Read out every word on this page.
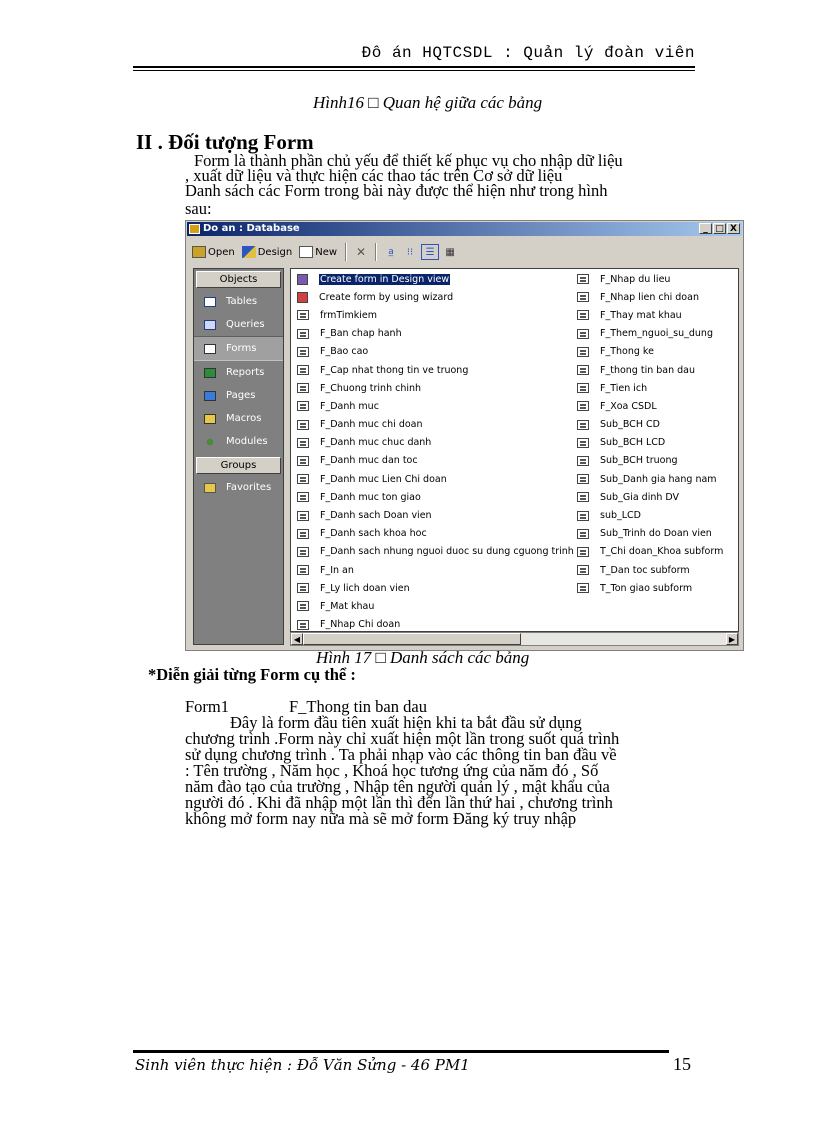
Đô án HQTCSDL : Quản lý đoàn viên
Hình16 □ Quan hệ giữa các bảng
II . Đối tượng Form
Form là thành phần chủ yếu để thiết kế phục vụ cho nhập dữ liệu
, xuất dữ liệu và thực hiện các thao tác trên Cơ sở dữ liệu
Danh sách các Form trong bài này được thể hiện như trong hình
sau:
Do an : Database	_ □ X
Open Design New ✕	a̲	⁝⁝	☰	▦
Objects
Tables
Queries
Forms
Reports
Pages
Macros
Modules
Groups
Favorites
Create form in Design view
Create form by using wizard
frmTimkiem
F_Ban chap hanh
F_Bao cao
F_Cap nhat thong tin ve truong
F_Chuong trinh chinh
F_Danh muc
F_Danh muc chi doan
F_Danh muc chuc danh
F_Danh muc dan toc
F_Danh muc Lien Chi doan
F_Danh muc ton giao
F_Danh sach Doan vien
F_Danh sach khoa hoc
F_Danh sach nhung nguoi duoc su dung cguong trinh
F_In an
F_Ly lich doan vien
F_Mat khau
F_Nhap Chi doan
F_Nhap du lieu
F_Nhap lien chi doan
F_Thay mat khau
F_Them_nguoi_su_dung
F_Thong ke
F_thong tin ban dau
F_Tien ich
F_Xoa CSDL
Sub_BCH CD
Sub_BCH LCD
Sub_BCH truong
Sub_Danh gia hang nam
Sub_Gia dinh DV
sub_LCD
Sub_Trinh do Doan vien
T_Chi doan_Khoa subform
T_Dan toc subform
T_Ton giao subform
◀	▶
Hình 17 □ Danh sách các bảng
*Diễn giải từng Form cụ thể :
Form1	F_Thong tin ban dau
Đây là form đầu tiên xuất hiện khi ta bắt đầu sử dụng
chương trình .Form này chỉ xuất hiện một lần trong suốt quá trình
sử dụng chương trình . Ta phải nhạp vào các thông tin ban đầu về
: Tên trường , Năm học , Khoá học tương ứng của năm đó , Số
năm đào tạo của trường , Nhập tên người quản lý , mật khẩu của
người đó . Khi đã nhập một lần thì đến lần thứ hai , chương trình
không mở form nay nữa mà sẽ mở form Đăng ký truy nhập
Sinh viên thực hiện : Đỗ Văn Sửng - 46 PM1	15
